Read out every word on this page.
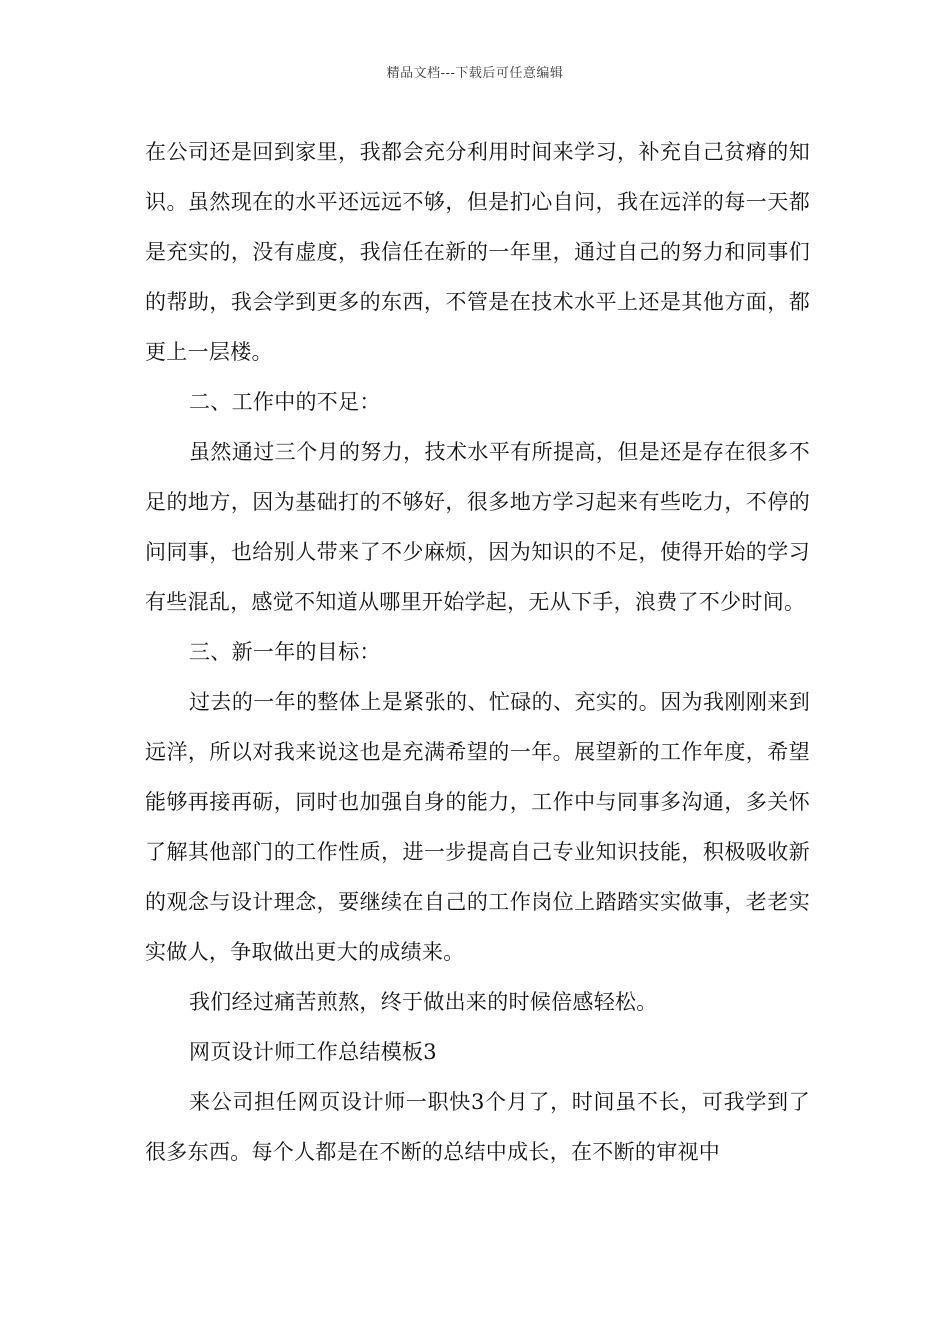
精品文档---下载后可任意编辑

在公司还是回到家里，我都会充分利用时间来学习，补充自己贫瘠的知识。虽然现在的水平还远远不够，但是扪心自问，我在远洋的每一天都是充实的，没有虚度，我信任在新的一年里，通过自己的努力和同事们的帮助，我会学到更多的东西，不管是在技术水平上还是其他方面，都更上一层楼。

二、工作中的不足：

虽然通过三个月的努力，技术水平有所提高，但是还是存在很多不足的地方，因为基础打的不够好，很多地方学习起来有些吃力，不停的问同事，也给别人带来了不少麻烦，因为知识的不足，使得开始的学习有些混乱，感觉不知道从哪里开始学起，无从下手，浪费了不少时间。

三、新一年的目标：

过去的一年的整体上是紧张的、忙碌的、充实的。因为我刚刚来到远洋，所以对我来说这也是充满希望的一年。展望新的工作年度，希望能够再接再砺，同时也加强自身的能力，工作中与同事多沟通，多关怀了解其他部门的工作性质，进一步提高自己专业知识技能，积极吸收新的观念与设计理念，要继续在自己的工作岗位上踏踏实实做事，老老实实做人，争取做出更大的成绩来。

我们经过痛苦煎熬，终于做出来的时候倍感轻松。

网页设计师工作总结模板3

来公司担任网页设计师一职快3个月了，时间虽不长，可我学到了很多东西。每个人都是在不断的总结中成长，在不断的审视中
